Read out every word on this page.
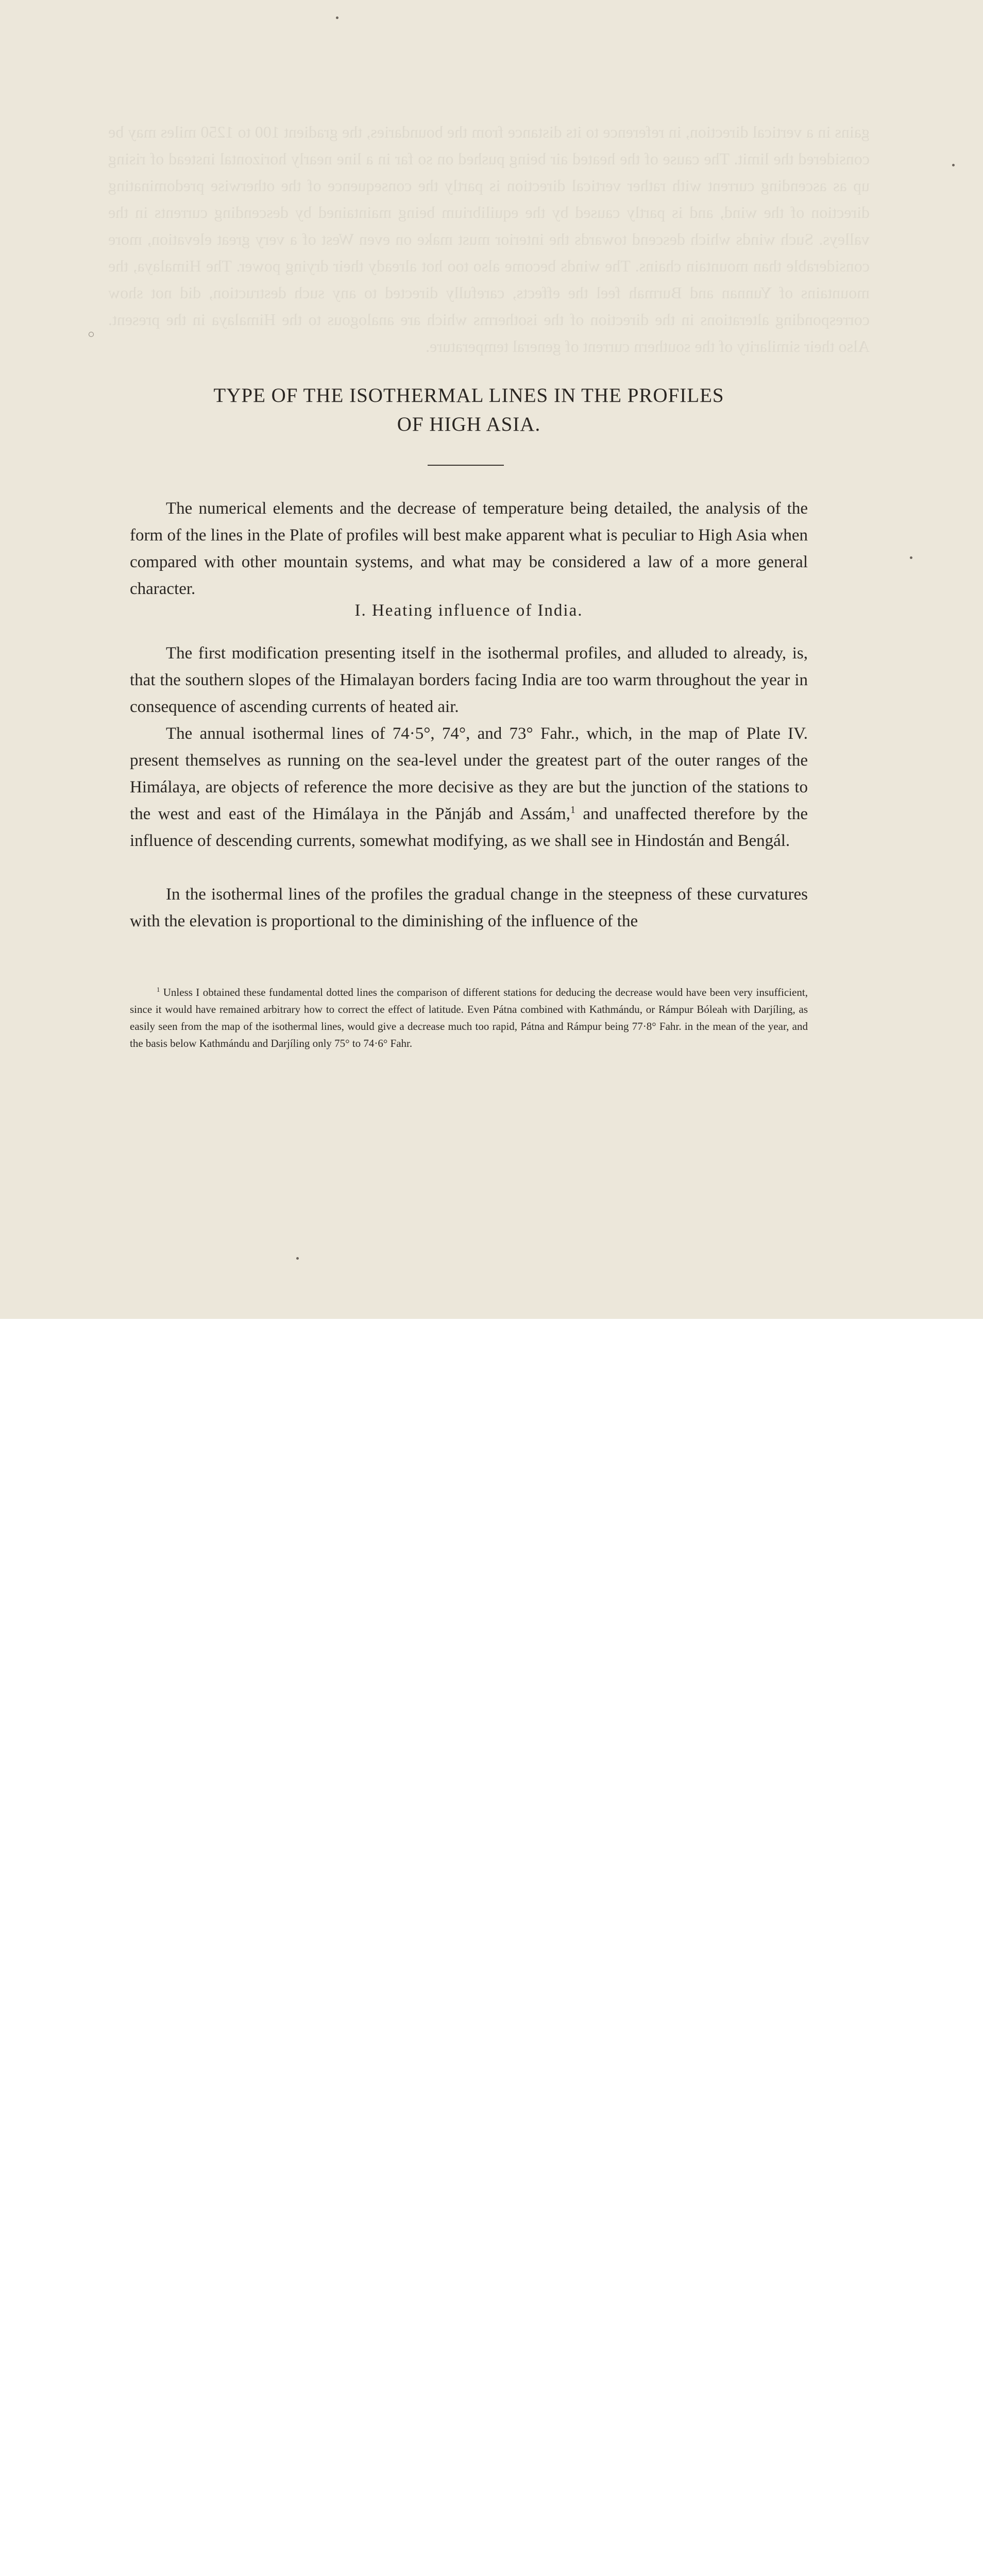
gains in a vertical direction, in reference to its distance from the boundaries, the gradient 100 to 1250 miles may be considered the limit. The cause of the heated air being pushed on so far in a line nearly horizontal instead of rising up as ascending current with rather vertical direction is partly the consequence of the otherwise predominating direction of the wind, and is partly caused by the equilibrium being maintained by descending currents in the valleys. Such winds which descend towards the interior must make on even West of a very great elevation, more considerable than mountain chains. The winds become also too hot already their drying power. The Himalaya, the mountains of Yunnan and Burmah feel the effects, carefully directed to any such destruction, did not show corresponding alterations in the direction of the isotherms which are analogous to the Himalaya in the present. Also their similarity of the southern current of general temperature.

TYPE OF THE ISOTHERMAL LINES IN THE PROFILES
OF HIGH ASIA.

The numerical elements and the decrease of temperature being detailed, the analysis of the form of the lines in the Plate of profiles will best make apparent what is peculiar to High Asia when compared with other mountain systems, and what may be considered a law of a more general character.

I. Heating influence of India.

The first modification presenting itself in the isothermal profiles, and alluded to already, is, that the southern slopes of the Himalayan borders facing India are too warm throughout the year in consequence of ascending currents of heated air.

The annual isothermal lines of 74·5°, 74°, and 73° Fahr., which, in the map of Plate IV. present themselves as running on the sea-level under the greatest part of the outer ranges of the Himálaya, are objects of reference the more decisive as they are but the junction of the stations to the west and east of the Himálaya in the Pănjáb and Assám,$^1$ and unaffected therefore by the influence of descending currents, somewhat modifying, as we shall see in Hindostán and Bengál.

In the isothermal lines of the profiles the gradual change in the steepness of these curvatures with the elevation is proportional to the diminishing of the influence of the

$^1$ Unless I obtained these fundamental dotted lines the comparison of different stations for deducing the decrease would have been very insufficient, since it would have remained arbitrary how to correct the effect of latitude. Even Pátna combined with Kathmándu, or Rámpur Bóleah with Darjíling, as easily seen from the map of the isothermal lines, would give a decrease much too rapid, Pátna and Rámpur being 77·8° Fahr. in the mean of the year, and the basis below Kathmándu and Darjíling only 75° to 74·6° Fahr.
